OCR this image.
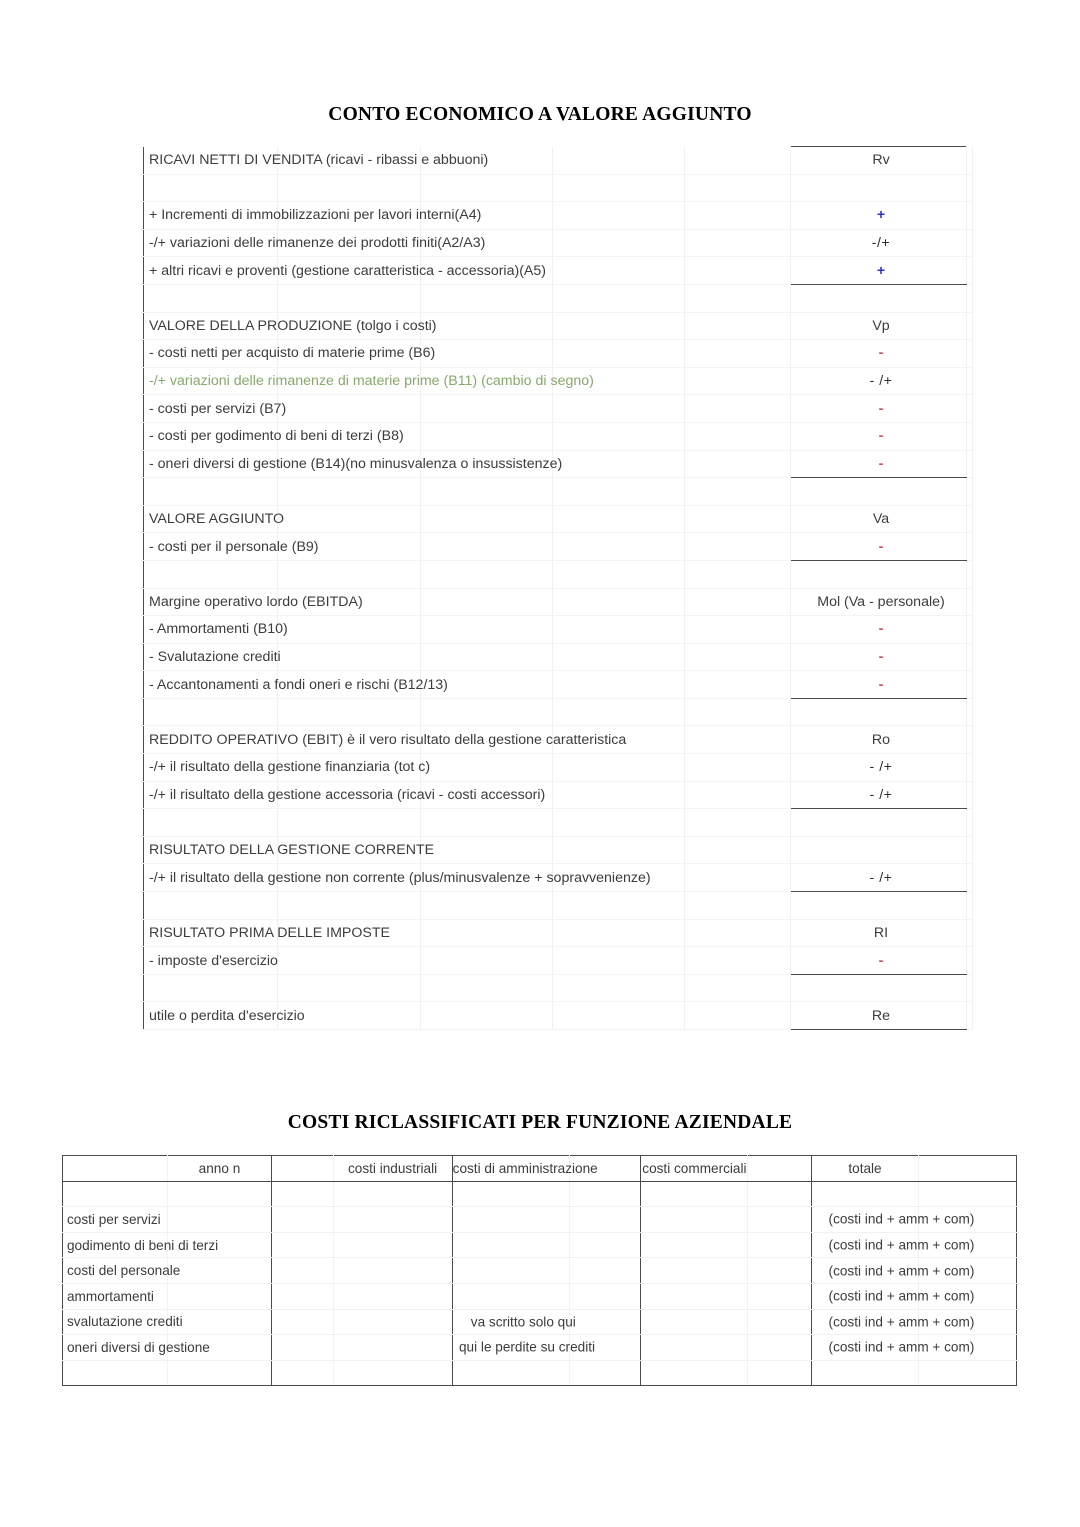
CONTO ECONOMICO A VALORE AGGIUNTO
RICAVI NETTI DI VENDITA (ricavi - ribassi e abbuoni)					Rv	

+ Incrementi di immobilizzazioni per lavori interni(A4)					+	

-/+ variazioni delle rimanenze dei prodotti finiti(A2/A3)					-/+	

+ altri ricavi e proventi (gestione caratteristica - accessoria)(A5)					+	

VALORE DELLA PRODUZIONE (tolgo i costi)					Vp	

- costi netti per acquisto di materie prime (B6)					-	

-/+ variazioni delle rimanenze di materie prime (B11) (cambio di segno)					- /+	

- costi per servizi (B7)					-	

- costi per godimento di beni di terzi (B8)					-	

- oneri diversi di gestione (B14)(no minusvalenza o insussistenze)					-	

VALORE AGGIUNTO					Va	

- costi per il personale (B9)					-	

Margine operativo lordo (EBITDA)					Mol (Va - personale)	

- Ammortamenti (B10)					-	

- Svalutazione crediti					-	

- Accantonamenti a fondi oneri e rischi (B12/13)					-	

REDDITO OPERATIVO (EBIT) è il vero risultato della gestione caratteristica					Ro	

-/+ il risultato della gestione finanziaria (tot c)					- /+	

-/+ il risultato della gestione accessoria (ricavi - costi accessori)					- /+	

RISULTATO DELLA GESTIONE CORRENTE						

-/+ il risultato della gestione non corrente (plus/minusvalenze + sopravvenienze)					- /+	

RISULTATO PRIMA DELLE IMPOSTE					RI	

- imposte d'esercizio					-	

utile o perdita d'esercizio					Re	
COSTI RICLASSIFICATI PER FUNZIONE AZIENDALE
	anno n		costi industriali	costi di amministrazione		costi commerciali		totale	

costi per servizi								(costi ind + amm + com)	

godimento di beni di terzi								(costi ind + amm + com)	

costi del personale								(costi ind + amm + com)	

ammortamenti								(costi ind + amm + com)	

svalutazione crediti				va scritto solo qui				(costi ind + amm + com)	

oneri diversi di gestione				qui le perdite su crediti				(costi ind + amm + com)	
